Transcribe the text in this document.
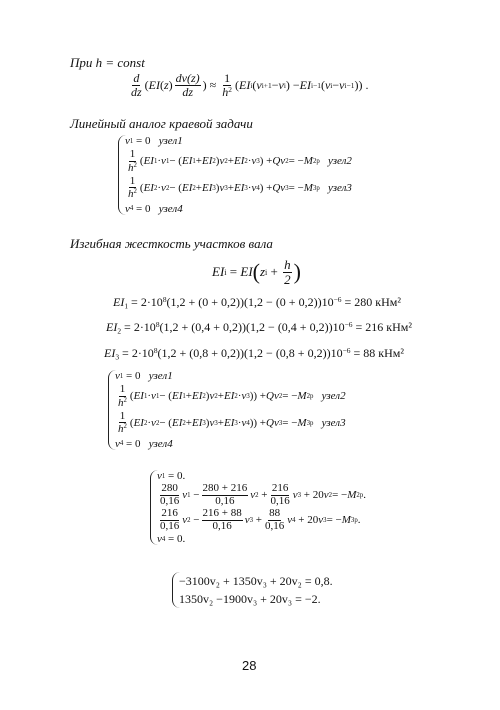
При h = const
$\frac{d}{dz}$ ( EI ( z ) $\frac{dv(z)}{dz}$ ) ≈ $\frac{1}{h^2}$ ( EI i ( v i+1 − v i ) − EI i−1 ( v i − v i−1 ) ) .
Линейный аналог краевой задачи
v 1 = 0 узел1
$\frac{1}{h^2}$ ( EI 1 · v 1 − ( EI 1 + EI 2 ) v 2 + EI 2 · v 3 ) + Qv 2 = − M 2 p
узел2
$\frac{1}{h^2}$ ( EI 2 · v 2 − ( EI 2 + EI 3 ) v 3 + EI 3 · v 4 ) + Qv 3 = − M 3 p
узел3
v 4 = 0 узел4
Изгибная жесткость участков вала
EI i = EI ( z $i + \frac{h}{2}$ )
$EI_1 = 2\cdot 10^8(1,2 + (0 + 0,2))(1,2 - (0 + 0,2))10^{-6} = 280$ кНм²
$EI_2 = 2\cdot 10^8(1,2 + (0,4 + 0,2))(1,2 - (0,4 + 0,2))10^{-6} = 216$ кНм²
$EI_3 = 2\cdot 10^8(1,2 + (0,8 + 0,2))(1,2 - (0,8 + 0,2))10^{-6} = 88$ кНм²
v 1 = 0 узел1
$\frac{1}{h^2}$ ( EI 1 · v 1 − ( EI 1 + EI 2 ) v 2 + EI 2 · v 3 )) + Qv 2 = − M 2 p
узел2
$\frac{1}{h^2}$ ( EI 2 · v 2 − ( EI 2 + EI 3 ) v 3 + EI 3 · v 4 )) + Qv 3 = − M 3 p
узел3
v 4 = 0 узел4
v 1 = 0.
$\frac{280}{0,16}$ v $1 - \frac{280 + 216}{0,16}$ v $2 + \frac{216}{0,16}$ v 3 + 20 v 2 = − M 2 p .
$\frac{216}{0,16}$ v $2 - \frac{216 + 88}{0,16}$ v $3 + \frac{88}{0,16}$ v 4 + 20 v 3 = − M 3 p .
v 4 = 0.
−3100v₂ + 1350v₃ + 20v₂ = 0,8.
1350v₂ −1900v₃ + 20v₃ = −2.
28
